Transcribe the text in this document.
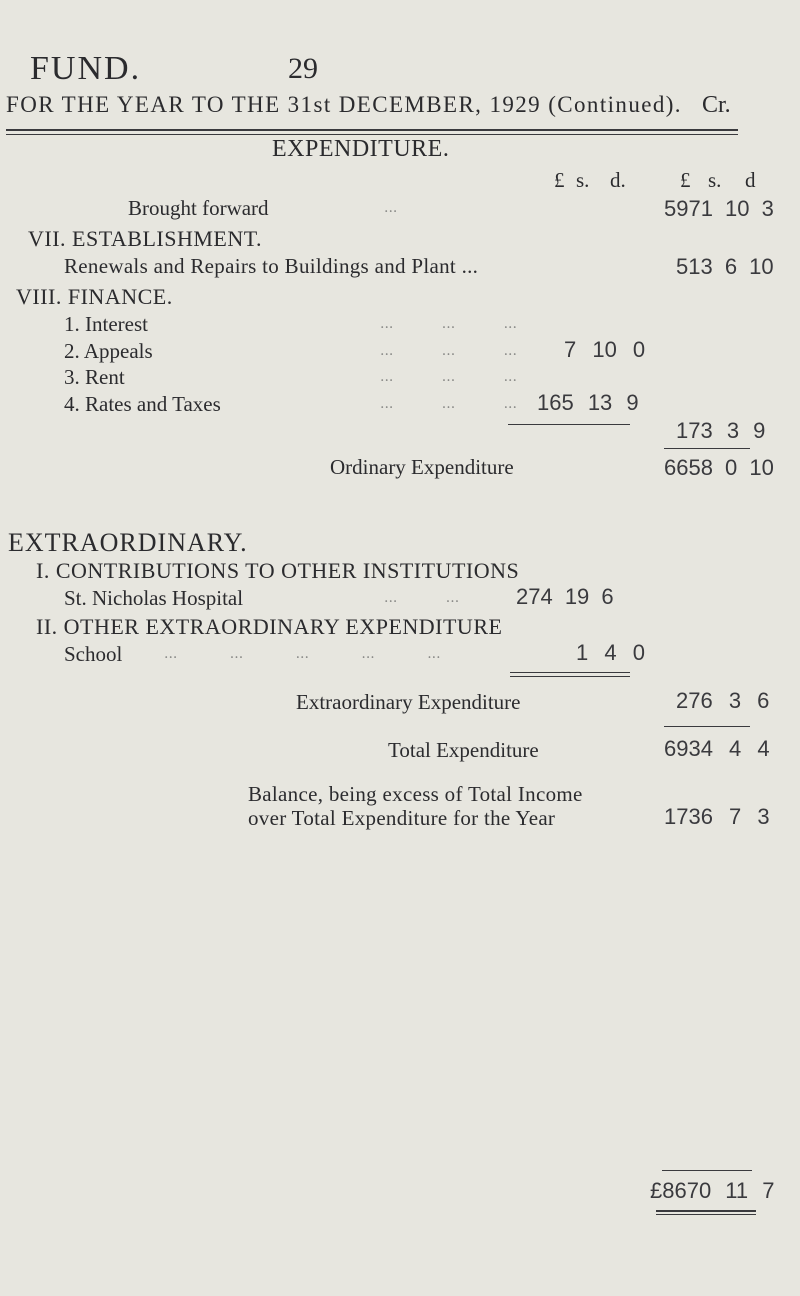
FUND.	29
FOR THE YEAR TO THE 31st DECEMBER, 1929 (Continued). Cr.
EXPENDITURE.
£ s. d.	£ s. d
Brought forward	...	5971 10 3
VII. ESTABLISHMENT.
Renewals and Repairs to Buildings and Plant ...	513 6 10
VIII. FINANCE.
1. Interest	... ... ...
2. Appeals	... ... ... 7 10 0
3. Rent	... ... ...
4. Rates and Taxes	... ... ... 165 13 9
173 3 9
Ordinary Expenditure	6658 0 10
EXTRAORDINARY.
I. CONTRIBUTIONS TO OTHER INSTITUTIONS
St. Nicholas Hospital	... ...	274 19 6
II. OTHER EXTRAORDINARY EXPENDITURE
School	... ... ... ... ...	1 4 0
Extraordinary Expenditure	276 3 6
Total Expenditure	6934 4 4
Balance, being excess of Total Income
over Total Expenditure for the Year	1736 7 3
£8670 11 7
